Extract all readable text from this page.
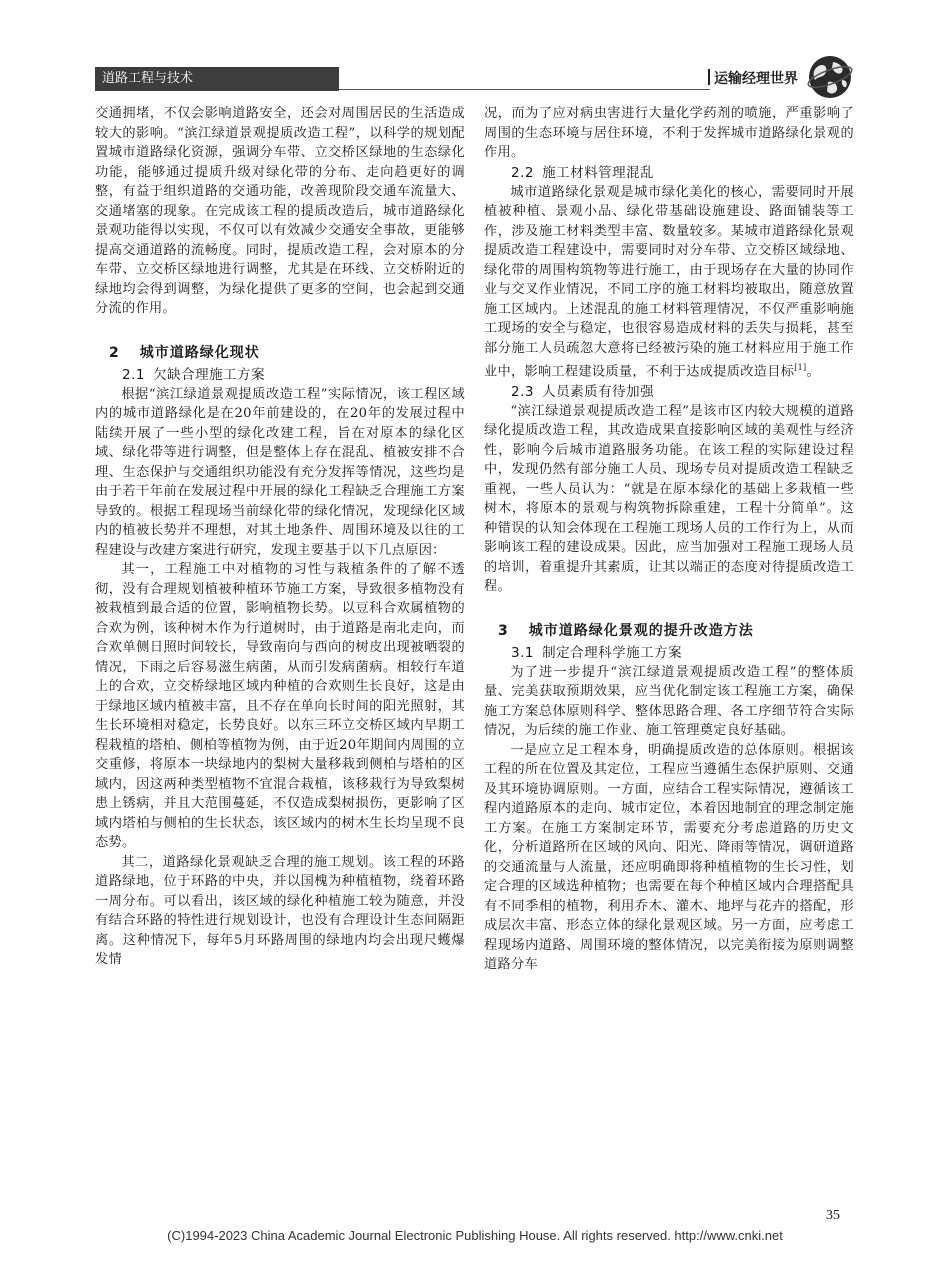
道路工程与技术	运输经理世界

交通拥堵，不仅会影响道路安全，还会对周围居民的生活造成较大的影响。“滨江绿道景观提质改造工程”，以科学的规划配置城市道路绿化资源，强调分车带、立交桥区绿地的生态绿化功能，能够通过提质升级对绿化带的分布、走向趋更好的调整，有益于组织道路的交通功能，改善现阶段交通车流量大、交通堵塞的现象。在完成该工程的提质改造后，城市道路绿化景观功能得以实现，不仅可以有效减少交通安全事故，更能够提高交通道路的流畅度。同时，提质改造工程，会对原本的分车带、立交桥区绿地进行调整，尤其是在环线、立交桥附近的绿地均会得到调整，为绿化提供了更多的空间，也会起到交通分流的作用。

2 城市道路绿化现状
2.1 欠缺合理施工方案

根据“滨江绿道景观提质改造工程”实际情况，该工程区域内的城市道路绿化是在20年前建设的，在20年的发展过程中陆续开展了一些小型的绿化改建工程，旨在对原本的绿化区域、绿化带等进行调整，但是整体上存在混乱、植被安排不合理、生态保护与交通组织功能没有充分发挥等情况，这些均是由于若干年前在发展过程中开展的绿化工程缺乏合理施工方案导致的。根据工程现场当前绿化带的绿化情况，发现绿化区域内的植被长势并不理想，对其土地条件、周围环境及以往的工程建设与改建方案进行研究，发现主要基于以下几点原因：

其一，工程施工中对植物的习性与栽植条件的了解不透彻，没有合理规划植被种植环节施工方案，导致很多植物没有被栽植到最合适的位置，影响植物长势。以豆科合欢属植物的合欢为例，该种树木作为行道树时，由于道路是南北走向，而合欢单侧日照时间较长，导致南向与西向的树皮出现被晒裂的情况，下雨之后容易滋生病菌，从而引发病菌病。相较行车道上的合欢，立交桥绿地区域内种植的合欢则生长良好，这是由于绿地区域内植被丰富，且不存在单向长时间的阳光照射，其生长环境相对稳定，长势良好。以东三环立交桥区域内早期工程栽植的塔柏、侧柏等植物为例，由于近20年期间内周围的立交重修，将原本一块绿地内的梨树大量移栽到侧柏与塔柏的区域内，因这两种类型植物不宜混合栽植，该移栽行为导致梨树患上锈病，并且大范围蔓延，不仅造成梨树损伤，更影响了区域内塔柏与侧柏的生长状态，该区域内的树木生长均呈现不良态势。

其二，道路绿化景观缺乏合理的施工规划。该工程的环路道路绿地，位于环路的中央，并以国槐为种植植物，绕着环路一周分布。可以看出，该区域的绿化种植施工较为随意，并没有结合环路的特性进行规划设计，也没有合理设计生态间隔距离。这种情况下，每年5月环路周围的绿地内均会出现尺蠖爆发情

况，而为了应对病虫害进行大量化学药剂的喷施，严重影响了周围的生态环境与居住环境，不利于发挥城市道路绿化景观的作用。

2.2 施工材料管理混乱

城市道路绿化景观是城市绿化美化的核心，需要同时开展植被种植、景观小品、绿化带基础设施建设、路面铺装等工作，涉及施工材料类型丰富、数量较多。某城市道路绿化景观提质改造工程建设中，需要同时对分车带、立交桥区域绿地、绿化带的周围构筑物等进行施工，由于现场存在大量的协同作业与交叉作业情况，不同工序的施工材料均被取出，随意放置施工区域内。上述混乱的施工材料管理情况，不仅严重影响施工现场的安全与稳定，也很容易造成材料的丢失与损耗，甚至部分施工人员疏忽大意将已经被污染的施工材料应用于施工作业中，影响工程建设质量，不利于达成提质改造目标[1]。

2.3 人员素质有待加强

“滨江绿道景观提质改造工程”是该市区内较大规模的道路绿化提质改造工程，其改造成果直接影响区域的美观性与经济性，影响今后城市道路服务功能。在该工程的实际建设过程中，发现仍然有部分施工人员、现场专员对提质改造工程缺乏重视，一些人员认为：“就是在原本绿化的基础上多栽植一些树木，将原本的景观与构筑物拆除重建，工程十分简单”。这种错误的认知会体现在工程施工现场人员的工作行为上，从而影响该工程的建设成果。因此，应当加强对工程施工现场人员的培训，着重提升其素质，让其以端正的态度对待提质改造工程。

3 城市道路绿化景观的提升改造方法
3.1 制定合理科学施工方案

为了进一步提升“滨江绿道景观提质改造工程”的整体质量、完美获取预期效果，应当优化制定该工程施工方案，确保施工方案总体原则科学、整体思路合理、各工序细节符合实际情况，为后续的施工作业、施工管理奠定良好基础。

一是应立足工程本身，明确提质改造的总体原则。根据该工程的所在位置及其定位，工程应当遵循生态保护原则、交通及其环境协调原则。一方面，应结合工程实际情况，遵循该工程内道路原本的走向、城市定位，本着因地制宜的理念制定施工方案。在施工方案制定环节，需要充分考虑道路的历史文化，分析道路所在区域的风向、阳光、降雨等情况，调研道路的交通流量与人流量，还应明确即将种植植物的生长习性，划定合理的区域选种植物；也需要在每个种植区域内合理搭配具有不同季相的植物，利用乔木、灌木、地坪与花卉的搭配，形成层次丰富、形态立体的绿化景观区域。另一方面，应考虑工程现场内道路、周围环境的整体情况，以完美衔接为原则调整道路分车

35
(C)1994-2023 China Academic Journal Electronic Publishing House. All rights reserved. http://www.cnki.net
